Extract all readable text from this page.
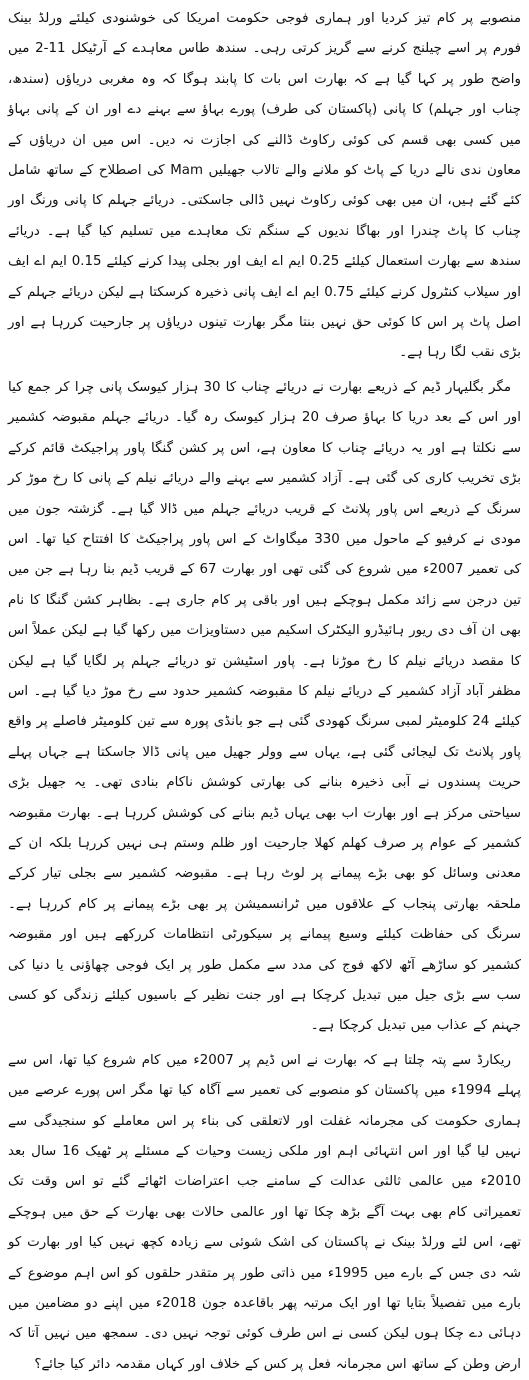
منصوبے پر کام تیز کردیا اور ہماری فوجی حکومت امریکا کی خوشنودی کیلئے ورلڈ بینک فورم پر اسے چیلنج کرنے سے گریز کرتی رہی۔ سندھ طاس معاہدے کے آرٹیکل 11-2 میں واضح طور پر کہا گیا ہے کہ بھارت اس بات کا پابند ہوگا کہ وہ مغربی دریاؤں (سندھ، چناب اور جہلم) کا پانی (پاکستان کی طرف) پورے بہاؤ سے بہنے دے اور ان کے پانی بہاؤ میں کسی بھی قسم کی کوئی رکاوٹ ڈالنے کی اجازت نہ دیں۔ اس میں ان دریاؤں کے معاون ندی نالے دریا کے پاٹ کو ملانے والے تالاب جھیلیں Mam کی اصطلاح کے ساتھ شامل کئے گئے ہیں، ان میں بھی کوئی رکاوٹ نہیں ڈالی جاسکتی۔ دریائے جہلم کا پانی ورنگ اور چناب کا پاٹ چندرا اور بھاگا ندیوں کے سنگم تک معاہدے میں تسلیم کیا گیا ہے۔ دریائے سندھ سے بھارت استعمال کیلئے 0.25 ایم اے ایف اور بجلی پیدا کرنے کیلئے 0.15 ایم اے ایف اور سیلاب کنٹرول کرنے کیلئے 0.75 ایم اے ایف پانی ذخیرہ کرسکتا ہے لیکن دریائے جہلم کے اصل پاٹ پر اس کا کوئی حق نہیں بنتا مگر بھارت تینوں دریاؤں پر جارحیت کررہا ہے اور بڑی نقب لگا رہا ہے۔

مگر بگلیہار ڈیم کے ذریعے بھارت نے دریائے چناب کا 30 ہزار کیوسک پانی چرا کر جمع کیا اور اس کے بعد دریا کا بہاؤ صرف 20 ہزار کیوسک رہ گیا۔ دریائے جہلم مقبوضہ کشمیر سے نکلتا ہے اور یہ دریائے چناب کا معاون ہے، اس پر کشن گنگا پاور پراجیکٹ قائم کرکے بڑی تخریب کاری کی گئی ہے۔ آزاد کشمیر سے بہنے والے دریائے نیلم کے پانی کا رخ موڑ کر سرنگ کے ذریعے اس پاور پلانٹ کے قریب دریائے جہلم میں ڈالا گیا ہے۔ گزشتہ جون میں مودی نے کرفیو کے ماحول میں 330 میگاواٹ کے اس پاور پراجیکٹ کا افتتاح کیا تھا۔ اس کی تعمیر 2007ء میں شروع کی گئی تھی اور بھارت 67 کے قریب ڈیم بنا رہا ہے جن میں تین درجن سے زائد مکمل ہوچکے ہیں اور باقی پر کام جاری ہے۔ بظاہر کشن گنگا کا نام بھی ان آف دی ریور ہائیڈرو الیکٹرک اسکیم میں دستاویزات میں رکھا گیا ہے لیکن عملاً اس کا مقصد دریائے نیلم کا رخ موڑنا ہے۔ پاور اسٹیشن تو دریائے جہلم پر لگایا گیا ہے لیکن مظفر آباد آزاد کشمیر کے دریائے نیلم کا مقبوضہ کشمیر حدود سے رخ موڑ دیا گیا ہے۔ اس کیلئے 24 کلومیٹر لمبی سرنگ کھودی گئی ہے جو بانڈی پورہ سے تین کلومیٹر فاصلے پر واقع پاور پلانٹ تک لیجائی گئی ہے، یہاں سے وولر جھیل میں پانی ڈالا جاسکتا ہے جہاں پہلے حریت پسندوں نے آبی ذخیرہ بنانے کی بھارتی کوشش ناکام بنادی تھی۔ یہ جھیل بڑی سیاحتی مرکز ہے اور بھارت اب بھی یہاں ڈیم بنانے کی کوشش کررہا ہے۔ بھارت مقبوضہ کشمیر کے عوام پر صرف کھلم کھلا جارحیت اور ظلم وستم ہی نہیں کررہا بلکہ ان کے معدنی وسائل کو بھی بڑے پیمانے پر لوٹ رہا ہے۔ مقبوضہ کشمیر سے بجلی تیار کرکے ملحقہ بھارتی پنجاب کے علاقوں میں ٹرانسمیشن پر بھی بڑے پیمانے پر کام کررہا ہے۔ سرنگ کی حفاظت کیلئے وسیع پیمانے پر سیکورٹی انتظامات کررکھے ہیں اور مقبوضہ کشمیر کو ساڑھے آٹھ لاکھ فوج کی مدد سے مکمل طور پر ایک فوجی چھاؤنی یا دنیا کی سب سے بڑی جیل میں تبدیل کرچکا ہے اور جنت نظیر کے باسیوں کیلئے زندگی کو کسی جہنم کے عذاب میں تبدیل کرچکا ہے۔

ریکارڈ سے پتہ چلتا ہے کہ بھارت نے اس ڈیم پر 2007ء میں کام شروع کیا تھا، اس سے پہلے 1994ء میں پاکستان کو منصوبے کی تعمیر سے آگاہ کیا تھا مگر اس پورے عرصے میں ہماری حکومت کی مجرمانہ غفلت اور لاتعلقی کی بناء پر اس معاملے کو سنجیدگی سے نہیں لیا گیا اور اس انتہائی اہم اور ملکی زیست وحیات کے مسئلے پر ٹھیک 16 سال بعد 2010ء میں عالمی ثالثی عدالت کے سامنے جب اعتراضات اٹھائے گئے تو اس وقت تک تعمیراتی کام بھی بہت آگے بڑھ چکا تھا اور عالمی حالات بھی بھارت کے حق میں ہوچکے تھے، اس لئے ورلڈ بینک نے پاکستان کی اشک شوئی سے زیادہ کچھ نہیں کیا اور بھارت کو شہ دی جس کے بارے میں 1995ء میں ذاتی طور پر متقدر حلقوں کو اس اہم موضوع کے بارے میں تفصیلاً بتایا تھا اور ایک مرتبہ پھر باقاعدہ جون 2018ء میں اپنے دو مضامین میں دہائی دے چکا ہوں لیکن کسی نے اس طرف کوئی توجہ نہیں دی۔ سمجھ میں نہیں آتا کہ ارض وطن کے ساتھ اس مجرمانہ فعل پر کس کے خلاف اور کہاں مقدمہ دائر کیا جائے؟
